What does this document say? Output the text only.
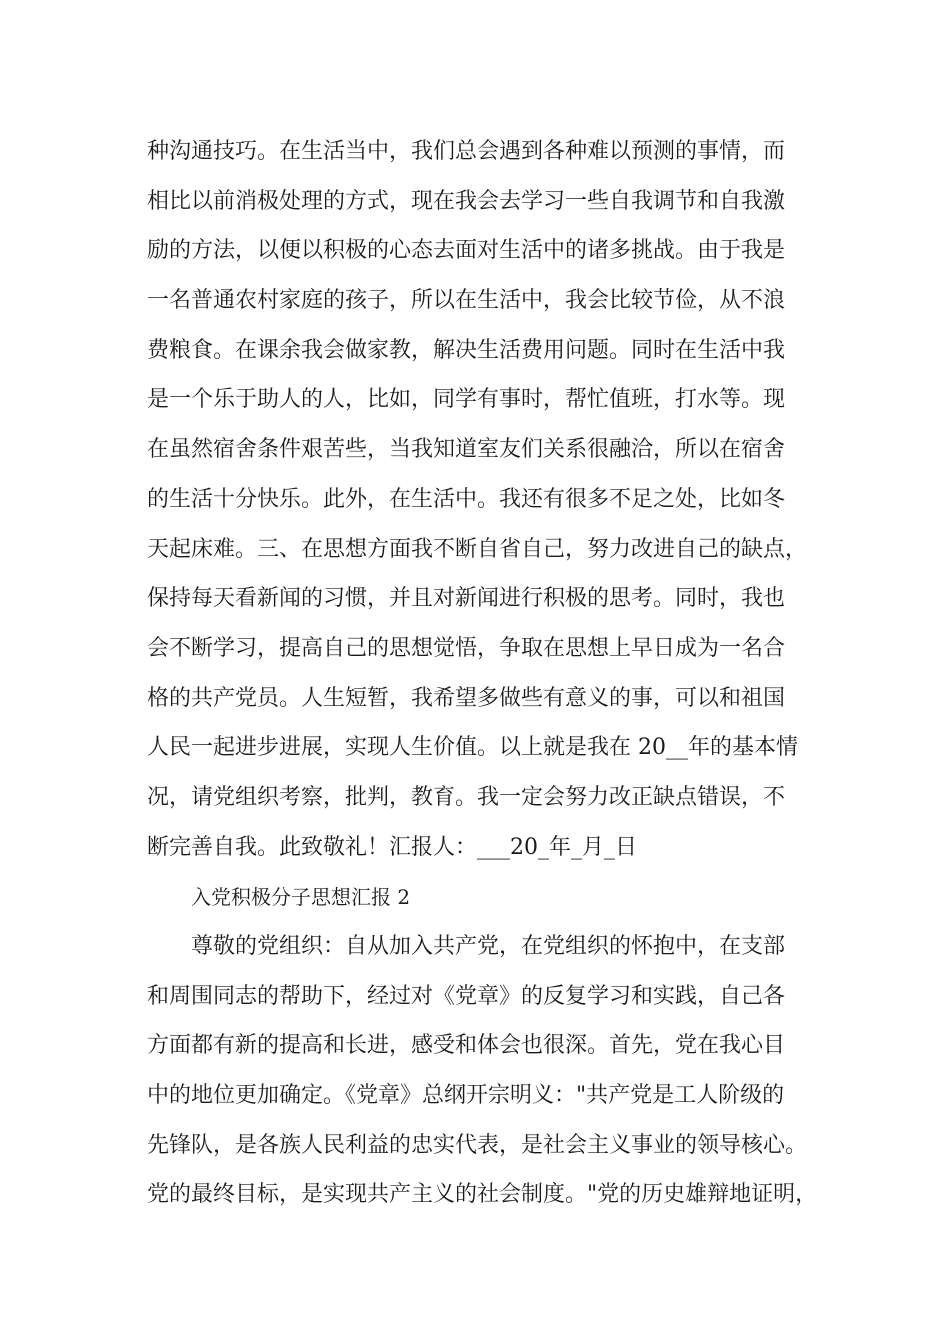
种沟通技巧。在生活当中，我们总会遇到各种难以预测的事情，而
相比以前消极处理的方式，现在我会去学习一些自我调节和自我激
励的方法，以便以积极的心态去面对生活中的诸多挑战。由于我是
一名普通农村家庭的孩子，所以在生活中，我会比较节俭，从不浪
费粮食。在课余我会做家教，解决生活费用问题。同时在生活中我
是一个乐于助人的人，比如，同学有事时，帮忙值班，打水等。现
在虽然宿舍条件艰苦些，当我知道室友们关系很融洽，所以在宿舍
的生活十分快乐。此外，在生活中。我还有很多不足之处，比如冬
天起床难。三、在思想方面我不断自省自己，努力改进自己的缺点，
保持每天看新闻的习惯，并且对新闻进行积极的思考。同时，我也
会不断学习，提高自己的思想觉悟，争取在思想上早日成为一名合
格的共产党员。人生短暂，我希望多做些有意义的事，可以和祖国
人民一起进步进展，实现人生价值。以上就是我在 20__年的基本情
况，请党组织考察，批判，教育。我一定会努力改正缺点错误，不
断完善自我。此致敬礼！汇报人：___20_年_月_日
入党积极分子思想汇报 2
尊敬的党组织：自从加入共产党，在党组织的怀抱中，在支部
和周围同志的帮助下，经过对《党章》的反复学习和实践，自己各
方面都有新的提高和长进，感受和体会也很深。首先，党在我心目
中的地位更加确定。《党章》总纲开宗明义："共产党是工人阶级的
先锋队，是各族人民利益的忠实代表，是社会主义事业的领导核心。
党的最终目标，是实现共产主义的社会制度。"党的历史雄辩地证明，
